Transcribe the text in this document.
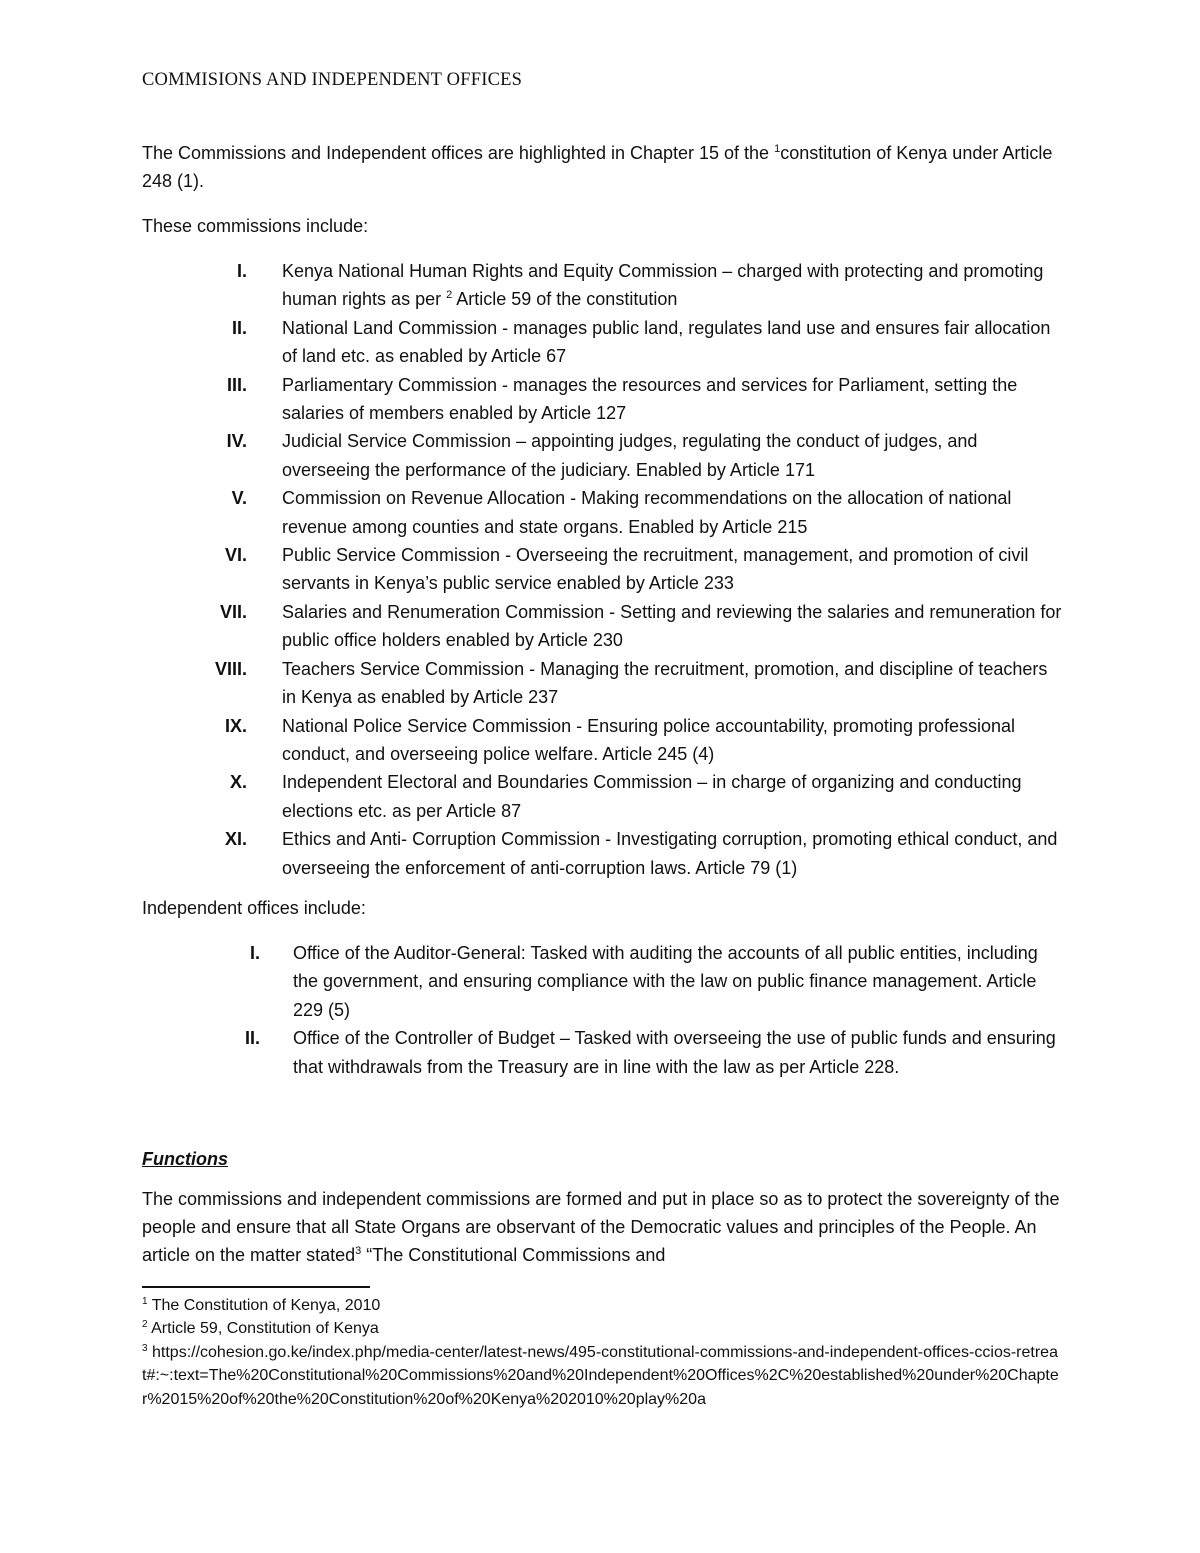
COMMISIONS AND INDEPENDENT OFFICES

The Commissions and Independent offices are highlighted in Chapter 15 of the $^1$constitution of Kenya under Article 248 (1).

These commissions include:

I. Kenya National Human Rights and Equity Commission – charged with protecting and promoting human rights as per $^2$ Article 59 of the constitution
II. National Land Commission - manages public land, regulates land use and ensures fair allocation of land etc. as enabled by Article 67
III. Parliamentary Commission - manages the resources and services for Parliament, setting the salaries of members enabled by Article 127
IV. Judicial Service Commission – appointing judges, regulating the conduct of judges, and overseeing the performance of the judiciary. Enabled by Article 171
V. Commission on Revenue Allocation - Making recommendations on the allocation of national revenue among counties and state organs. Enabled by Article 215
VI. Public Service Commission - Overseeing the recruitment, management, and promotion of civil servants in Kenya’s public service enabled by Article 233
VII. Salaries and Renumeration Commission - Setting and reviewing the salaries and remuneration for public office holders enabled by Article 230
VIII. Teachers Service Commission - Managing the recruitment, promotion, and discipline of teachers in Kenya as enabled by Article 237
IX. National Police Service Commission - Ensuring police accountability, promoting professional conduct, and overseeing police welfare. Article 245 (4)
X. Independent Electoral and Boundaries Commission – in charge of organizing and conducting elections etc. as per Article 87
XI. Ethics and Anti- Corruption Commission - Investigating corruption, promoting ethical conduct, and overseeing the enforcement of anti-corruption laws. Article 79 (1)

Independent offices include:

I. Office of the Auditor-General: Tasked with auditing the accounts of all public entities, including the government, and ensuring compliance with the law on public finance management. Article 229 (5)
II. Office of the Controller of Budget – Tasked with overseeing the use of public funds and ensuring that withdrawals from the Treasury are in line with the law as per Article 228.
Functions

The commissions and independent commissions are formed and put in place so as to protect the sovereignty of the people and ensure that all State Organs are observant of the Democratic values and principles of the People. An article on the matter stated$^3$ “The Constitutional Commissions and

$^1$ The Constitution of Kenya, 2010
$^2$ Article 59, Constitution of Kenya
$^3$ https://cohesion.go.ke/index.php/media-center/latest-news/495-constitutional-commissions-and-independent-offices-ccios-retreat#:~:text=The%20Constitutional%20Commissions%20and%20Independent%20Offices%2C%20established%20under%20Chapter%2015%20of%20the%20Constitution%20of%20Kenya%202010%20play%20a
